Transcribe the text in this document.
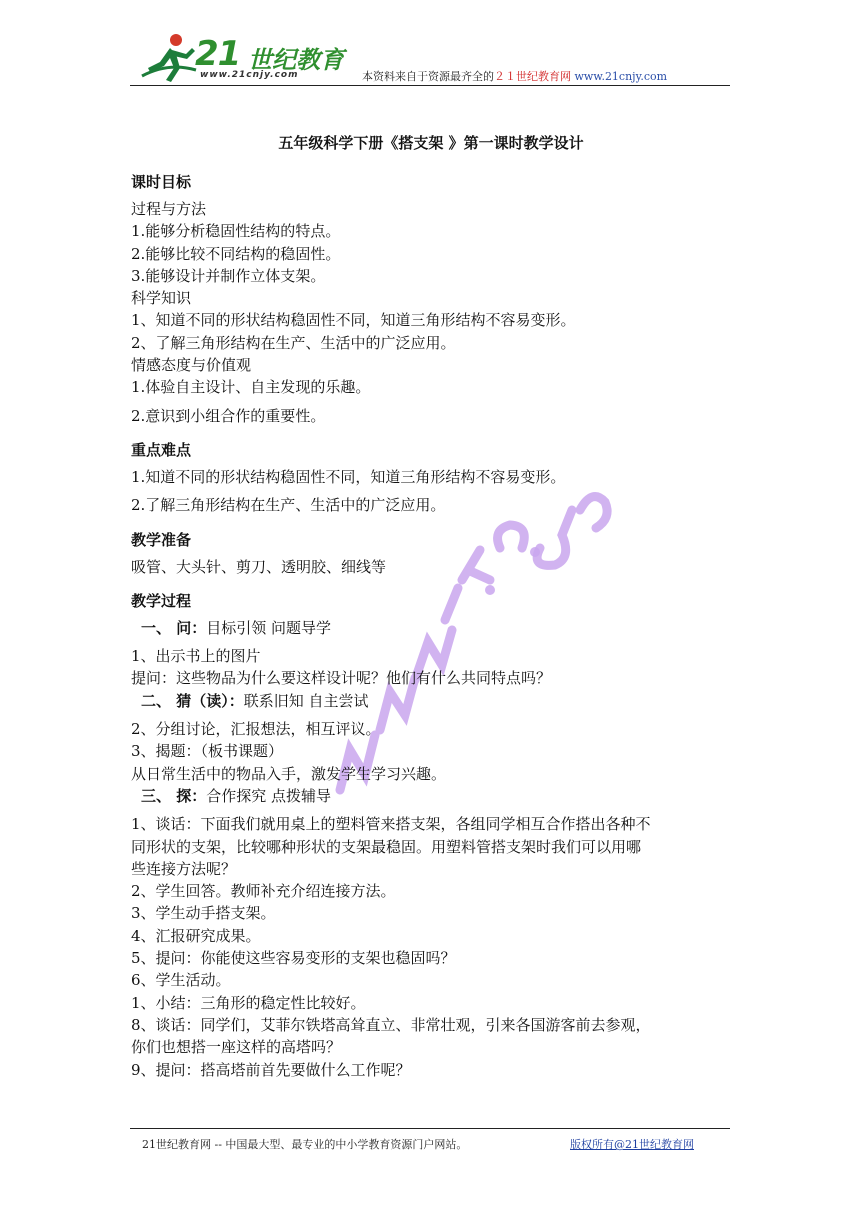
21 世纪教育
www.21cnjy.com	本资料来自于资源最齐全的２１世纪教育网 www.21cnjy.com
五年级科学下册《搭支架 》第一课时教学设计
课时目标

过程与方法

1.能够分析稳固性结构的特点。

2.能够比较不同结构的稳固性。

3.能够设计并制作立体支架。

科学知识

1、知道不同的形状结构稳固性不同，知道三角形结构不容易变形。

2、了解三角形结构在生产、生活中的广泛应用。

情感态度与价值观

1.体验自主设计、自主发现的乐趣。

2.意识到小组合作的重要性。

重点难点

1.知道不同的形状结构稳固性不同，知道三角形结构不容易变形。

2.了解三角形结构在生产、生活中的广泛应用。

教学准备

吸管、大头针、剪刀、透明胶、细线等

教学过程

一、 问：目标引领 问题导学

1、出示书上的图片

提问：这些物品为什么要这样设计呢？他们有什么共同特点吗？

二、 猜（读）：联系旧知 自主尝试

2、分组讨论，汇报想法，相互评议。

3、揭题：（板书课题）

从日常生活中的物品入手，激发学生学习兴趣。

三、 探：合作探究 点拨辅导

1、谈话：下面我们就用桌上的塑料管来搭支架，各组同学相互合作搭出各种不

同形状的支架，比较哪种形状的支架最稳固。用塑料管搭支架时我们可以用哪

些连接方法呢？

2、学生回答。教师补充介绍连接方法。

3、学生动手搭支架。

4、汇报研究成果。

5、提问：你能使这些容易变形的支架也稳固吗？

6、学生活动。

1、小结：三角形的稳定性比较好。

8、谈话：同学们，艾菲尔铁塔高耸直立、非常壮观，引来各国游客前去参观，

你们也想搭一座这样的高塔吗？

9、提问：搭高塔前首先要做什么工作呢？

21世纪教育网 -- 中国最大型、最专业的中小学教育资源门户网站。	版权所有@21世纪教育网
